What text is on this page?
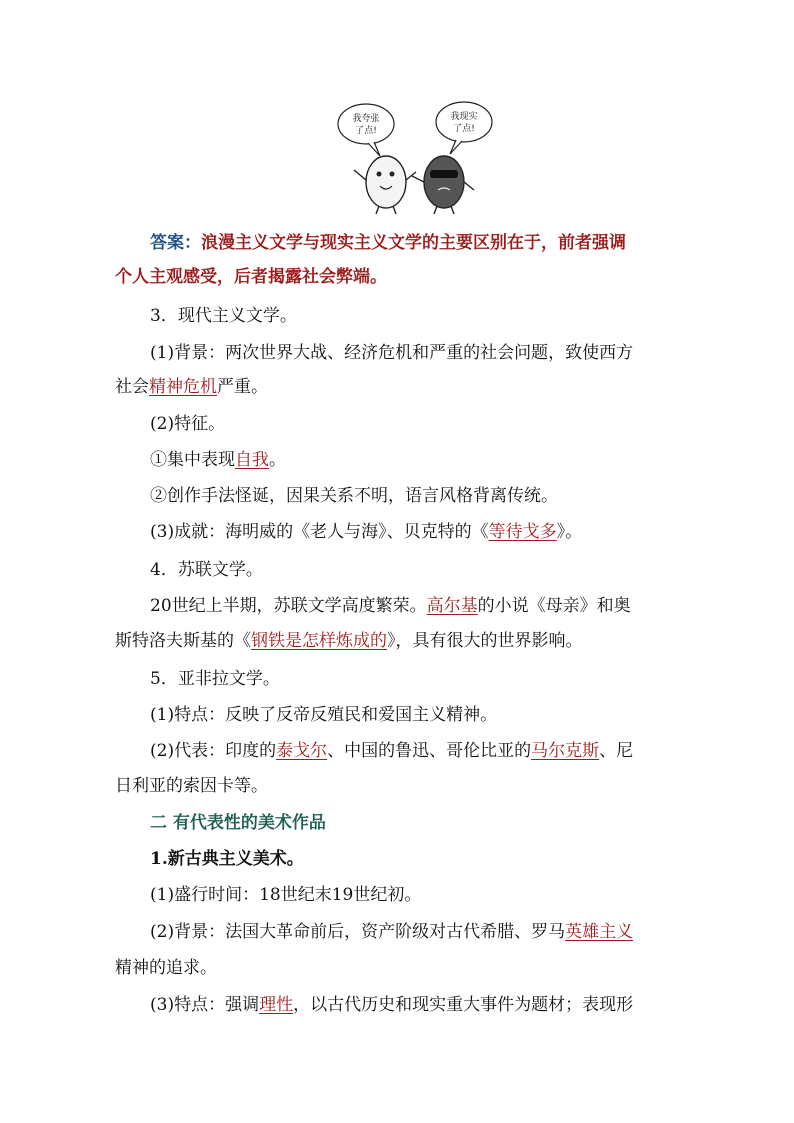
我夸张
了点!
我现实
了点!
答案：浪漫主义文学与现实主义文学的主要区别在于，前者强调
个人主观感受，后者揭露社会弊端。
3．现代主义文学。
(1)背景：两次世界大战、经济危机和严重的社会问题，致使西方
社会精神危机严重。
(2)特征。
①集中表现自我。
②创作手法怪诞，因果关系不明，语言风格背离传统。
(3)成就：海明威的《老人与海》、贝克特的《等待戈多》。
4．苏联文学。
20世纪上半期，苏联文学高度繁荣。高尔基的小说《母亲》和奥
斯特洛夫斯基的《钢铁是怎样炼成的》，具有很大的世界影响。
5．亚非拉文学。
(1)特点：反映了反帝反殖民和爱国主义精神。
(2)代表：印度的泰戈尔、中国的鲁迅、哥伦比亚的马尔克斯、尼
日利亚的索因卡等。
二 有代表性的美术作品
1.新古典主义美术。
(1)盛行时间：18世纪末19世纪初。
(2)背景：法国大革命前后，资产阶级对古代希腊、罗马英雄主义
精神的追求。
(3)特点：强调理性，以古代历史和现实重大事件为题材；表现形
